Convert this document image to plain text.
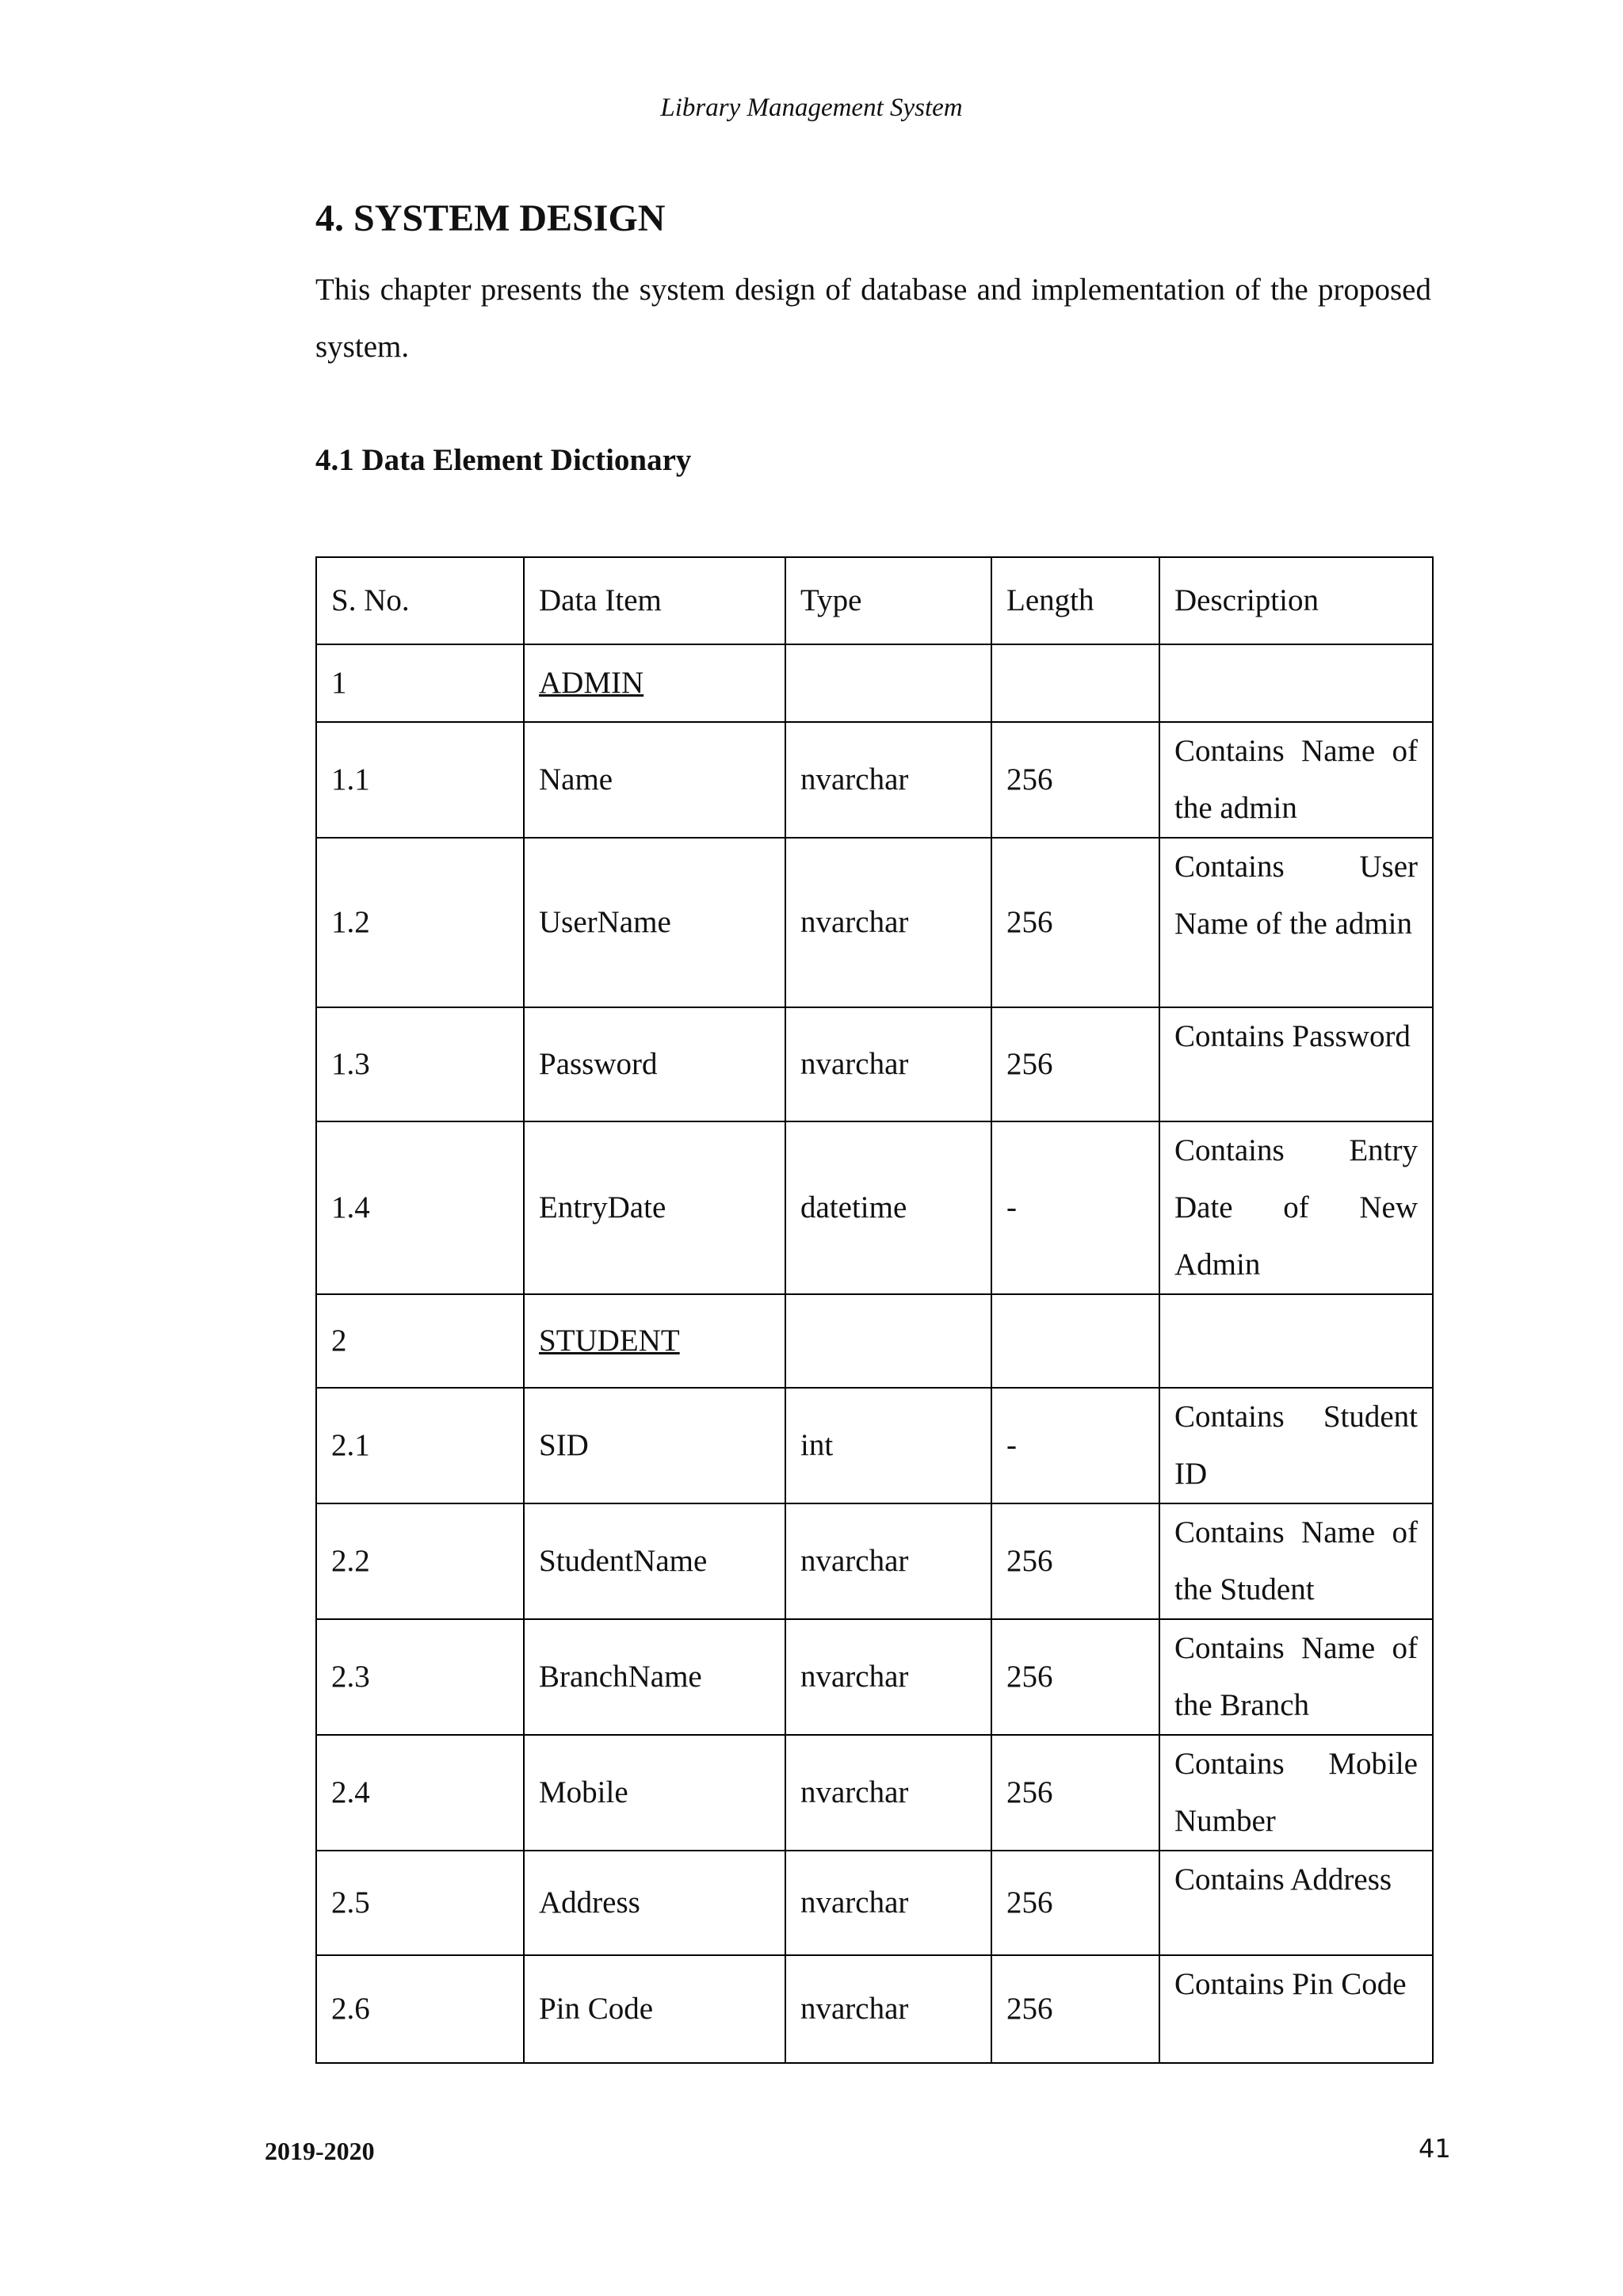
Library Management System
4. SYSTEM DESIGN

This chapter presents the system design of database and implementation of the proposed system.

4.1 Data Element Dictionary
S. No.	Data Item	Type	Length	Description
1	ADMIN			
1.1	Name	nvarchar	256	Contains Name of the admin
1.2	UserName	nvarchar	256	Contains User Name of the admin
1.3	Password	nvarchar	256	Contains Password
1.4	EntryDate	datetime	-	Contains Entry Date of New Admin
2	STUDENT			
2.1	SID	int	-	Contains Student ID
2.2	StudentName	nvarchar	256	Contains Name of the Student
2.3	BranchName	nvarchar	256	Contains Name of the Branch
2.4	Mobile	nvarchar	256	Contains Mobile Number
2.5	Address	nvarchar	256	Contains Address
2.6	Pin Code	nvarchar	256	Contains Pin Code
2019-2020	41
